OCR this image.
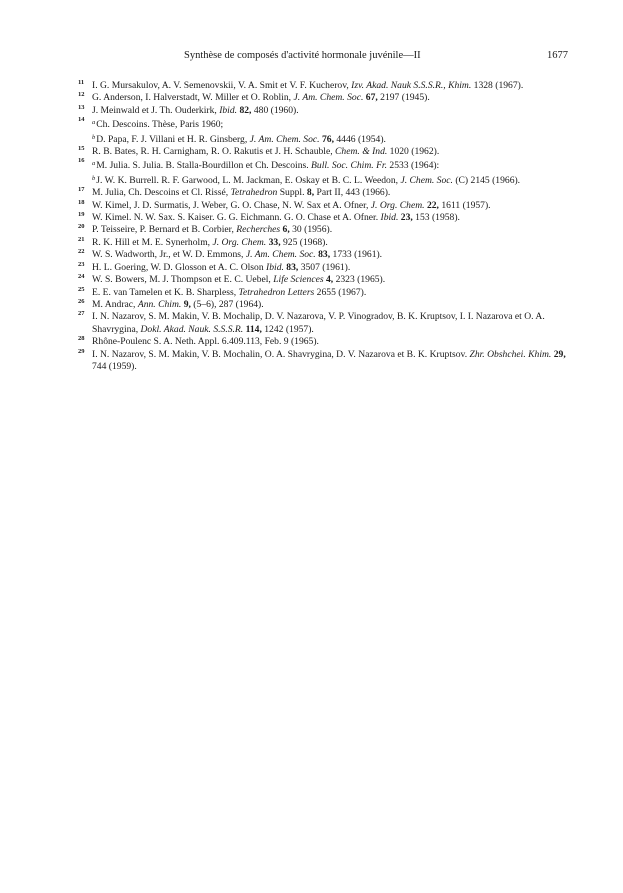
Synthèse de composés d'activité hormonale juvénile—II	1677
11 I. G. Mursakulov, A. V. Semenovskii, V. A. Smit et V. F. Kucherov, Izv. Akad. Nauk S.S.S.R., Khim. 1328 (1967).
12 G. Anderson, I. Halverstadt, W. Miller et O. Roblin, J. Am. Chem. Soc. 67, 2197 (1945).
13 J. Meinwald et J. Th. Ouderkirk, Ibid. 82, 480 (1960).
14 $^a$Ch. Descoins. Thèse, Paris 1960;
$^b$D. Papa, F. J. Villani et H. R. Ginsberg, J. Am. Chem. Soc. 76, 4446 (1954).
15 R. B. Bates, R. H. Carnigham, R. O. Rakutis et J. H. Schauble, Chem. & Ind. 1020 (1962).
16 $^a$M. Julia. S. Julia. B. Stalla-Bourdillon et Ch. Descoins. Bull. Soc. Chim. Fr. 2533 (1964):
$^b$J. W. K. Burrell. R. F. Garwood, L. M. Jackman, E. Oskay et B. C. L. Weedon, J. Chem. Soc. (C) 2145 (1966).
17 M. Julia, Ch. Descoins et Cl. Rissé, Tetrahedron Suppl. 8, Part II, 443 (1966).
18 W. Kimel, J. D. Surmatis, J. Weber, G. O. Chase, N. W. Sax et A. Ofner, J. Org. Chem. 22, 1611 (1957).
19 W. Kimel. N. W. Sax. S. Kaiser. G. G. Eichmann. G. O. Chase et A. Ofner. Ibid. 23, 153 (1958).
20 P. Teisseire, P. Bernard et B. Corbier, Recherches 6, 30 (1956).
21 R. K. Hill et M. E. Synerholm, J. Org. Chem. 33, 925 (1968).
22 W. S. Wadworth, Jr., et W. D. Emmons, J. Am. Chem. Soc. 83, 1733 (1961).
23 H. L. Goering, W. D. Glosson et A. C. Olson Ibid. 83, 3507 (1961).
24 W. S. Bowers, M. J. Thompson et E. C. Uebel, Life Sciences 4, 2323 (1965).
25 E. E. van Tamelen et K. B. Sharpless, Tetrahedron Letters 2655 (1967).
26 M. Andrac, Ann. Chim. 9, (5–6), 287 (1964).
27 I. N. Nazarov, S. M. Makin, V. B. Mochalip, D. V. Nazarova, V. P. Vinogradov, B. K. Kruptsov, I. I. Nazarova et O. A. Shavrygina, Dokl. Akad. Nauk. S.S.S.R. 114, 1242 (1957).
28 Rhône-Poulenc S. A. Neth. Appl. 6.409.113, Feb. 9 (1965).
29 I. N. Nazarov, S. M. Makin, V. B. Mochalin, O. A. Shavrygina, D. V. Nazarova et B. K. Kruptsov. Zhr. Obshchei. Khim. 29, 744 (1959).
